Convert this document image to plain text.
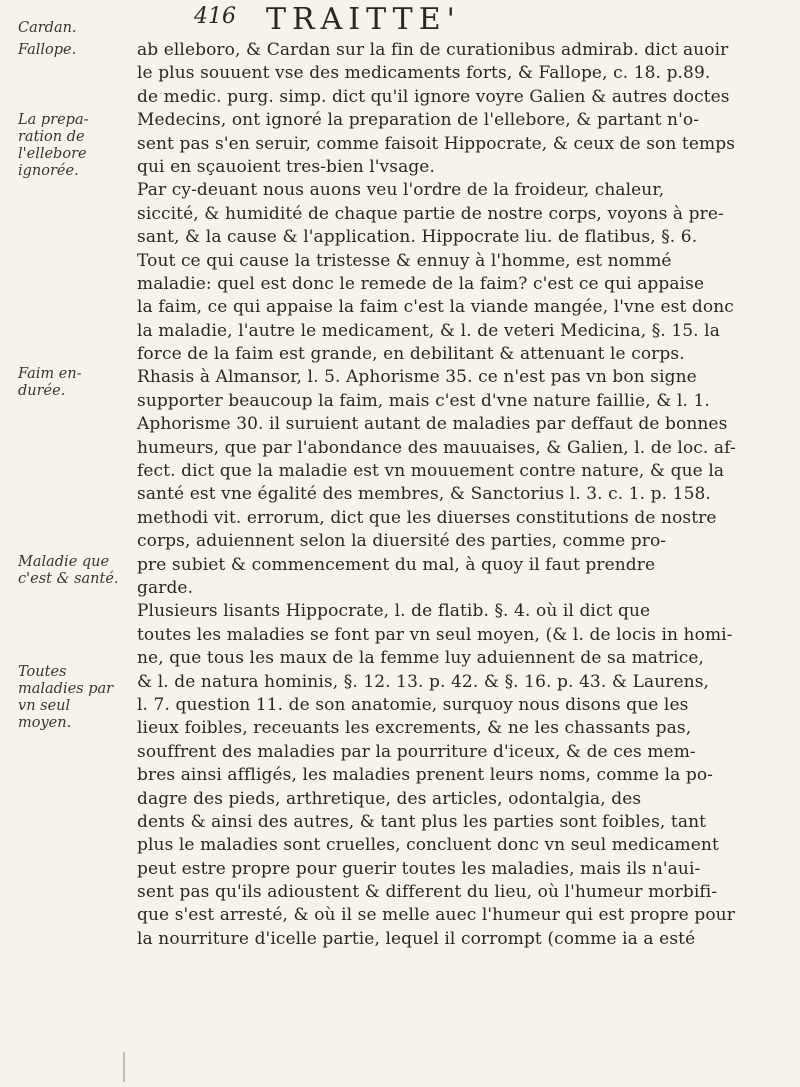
416 TRAITTE'
Cardan.
Fallope.
La prepa-ration de l'ellebore ignorée.
Faim en-durée.
Maladie que c'est & santé.
Toutes maladies par vn seul moyen.
ab elleboro, & Cardan sur la fin de curationibus admirab. dict auoir
le plus souuent vse des medicaments forts, & Fallope, c. 18. p.89.
de medic. purg. simp. dict qu'il ignore voyre Galien & autres doctes
Medecins, ont ignoré la preparation de l'ellebore, & partant n'o-
sent pas s'en seruir, comme faisoit Hippocrate, & ceux de son temps
qui en sçauoient tres-bien l'vsage.
Par cy-deuant nous auons veu l'ordre de la froideur, chaleur,
siccité, & humidité de chaque partie de nostre corps, voyons à pre-
sant, & la cause & l'application. Hippocrate liu. de flatibus, §. 6.
Tout ce qui cause la tristesse & ennuy à l'homme, est nommé
maladie: quel est donc le remede de la faim? c'est ce qui appaise
la faim, ce qui appaise la faim c'est la viande mangée, l'vne est donc
la maladie, l'autre le medicament, & l. de veteri Medicina, §. 15. la
force de la faim est grande, en debilitant & attenuant le corps.
Rhasis à Almansor, l. 5. Aphorisme 35. ce n'est pas vn bon signe
supporter beaucoup la faim, mais c'est d'vne nature faillie, & l. 1.
Aphorisme 30. il suruient autant de maladies par deffaut de bonnes
humeurs, que par l'abondance des mauuaises, & Galien, l. de loc. af-
fect. dict que la maladie est vn mouuement contre nature, & que la
santé est vne égalité des membres, & Sanctorius l. 3. c. 1. p. 158.
methodi vit. errorum, dict que les diuerses constitutions de nostre
corps, aduiennent selon la diuersité des parties, comme pro-
pre subiet & commencement du mal, à quoy il faut prendre
garde.
Plusieurs lisants Hippocrate, l. de flatib. §. 4. où il dict que
toutes les maladies se font par vn seul moyen, (& l. de locis in homi-
ne, que tous les maux de la femme luy aduiennent de sa matrice,
& l. de natura hominis, §. 12. 13. p. 42. & §. 16. p. 43. & Laurens,
l. 7. question 11. de son anatomie, surquoy nous disons que les
lieux foibles, receuants les excrements, & ne les chassants pas,
souffrent des maladies par la pourriture d'iceux, & de ces mem-
bres ainsi affligés, les maladies prenent leurs noms, comme la po-
dagre des pieds, arthretique, des articles, odontalgia, des
dents & ainsi des autres, & tant plus les parties sont foibles, tant
plus le maladies sont cruelles, concluent donc vn seul medicament
peut estre propre pour guerir toutes les maladies, mais ils n'aui-
sent pas qu'ils adioustent & different du lieu, où l'humeur morbifi-
que s'est arresté, & où il se melle auec l'humeur qui est propre pour
la nourriture d'icelle partie, lequel il corrompt (comme ia a esté
